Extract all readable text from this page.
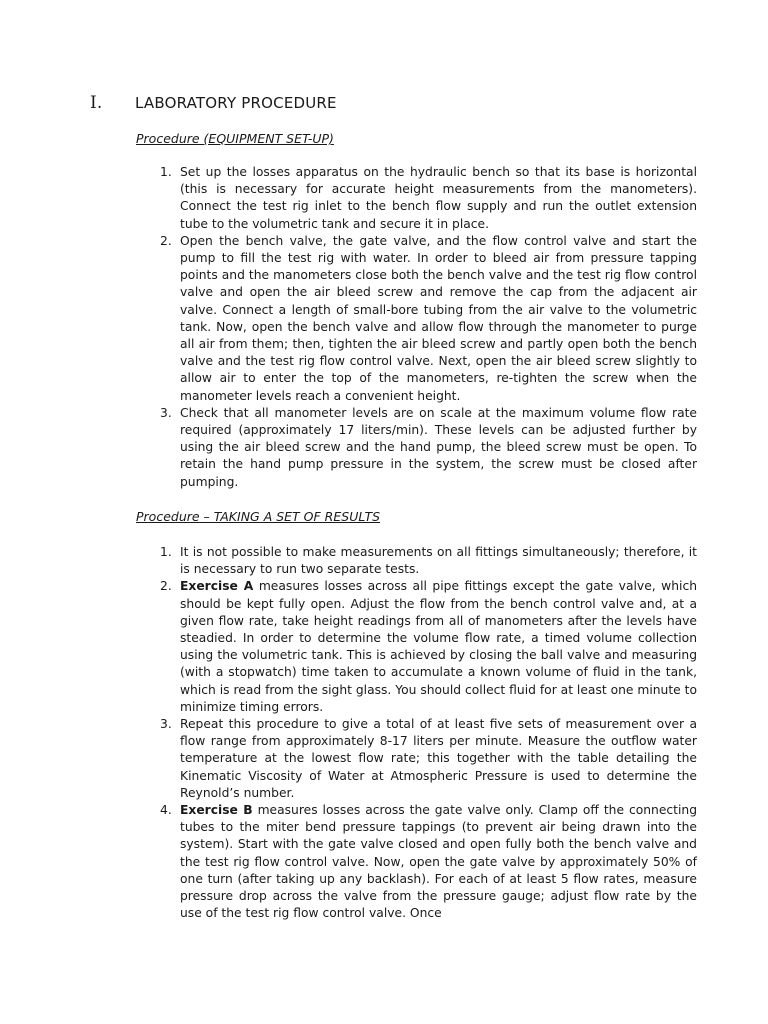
I.	LABORATORY PROCEDURE
Procedure (EQUIPMENT SET-UP)
1. Set up the losses apparatus on the hydraulic bench so that its base is horizontal (this is necessary for accurate height measurements from the manometers). Connect the test rig inlet to the bench flow supply and run the outlet extension tube to the volumetric tank and secure it in place.
2. Open the bench valve, the gate valve, and the flow control valve and start the pump to fill the test rig with water. In order to bleed air from pressure tapping points and the manometers close both the bench valve and the test rig flow control valve and open the air bleed screw and remove the cap from the adjacent air valve. Connect a length of small-bore tubing from the air valve to the volumetric tank. Now, open the bench valve and allow flow through the manometer to purge all air from them; then, tighten the air bleed screw and partly open both the bench valve and the test rig flow control valve. Next, open the air bleed screw slightly to allow air to enter the top of the manometers, re-tighten the screw when the manometer levels reach a convenient height.
3. Check that all manometer levels are on scale at the maximum volume flow rate required (approximately 17 liters/min). These levels can be adjusted further by using the air bleed screw and the hand pump, the bleed screw must be open. To retain the hand pump pressure in the system, the screw must be closed after pumping.
Procedure – TAKING A SET OF RESULTS
1. It is not possible to make measurements on all fittings simultaneously; therefore, it is necessary to run two separate tests.
2. Exercise A measures losses across all pipe fittings except the gate valve, which should be kept fully open. Adjust the flow from the bench control valve and, at a given flow rate, take height readings from all of manometers after the levels have steadied. In order to determine the volume flow rate, a timed volume collection using the volumetric tank. This is achieved by closing the ball valve and measuring (with a stopwatch) time taken to accumulate a known volume of fluid in the tank, which is read from the sight glass. You should collect fluid for at least one minute to minimize timing errors.
3. Repeat this procedure to give a total of at least five sets of measurement over a flow range from approximately 8-17 liters per minute. Measure the outflow water temperature at the lowest flow rate; this together with the table detailing the Kinematic Viscosity of Water at Atmospheric Pressure is used to determine the Reynold’s number.
4. Exercise B measures losses across the gate valve only. Clamp off the connecting tubes to the miter bend pressure tappings (to prevent air being drawn into the system). Start with the gate valve closed and open fully both the bench valve and the test rig flow control valve. Now, open the gate valve by approximately 50% of one turn (after taking up any backlash). For each of at least 5 flow rates, measure pressure drop across the valve from the pressure gauge; adjust flow rate by the use of the test rig flow control valve. Once
